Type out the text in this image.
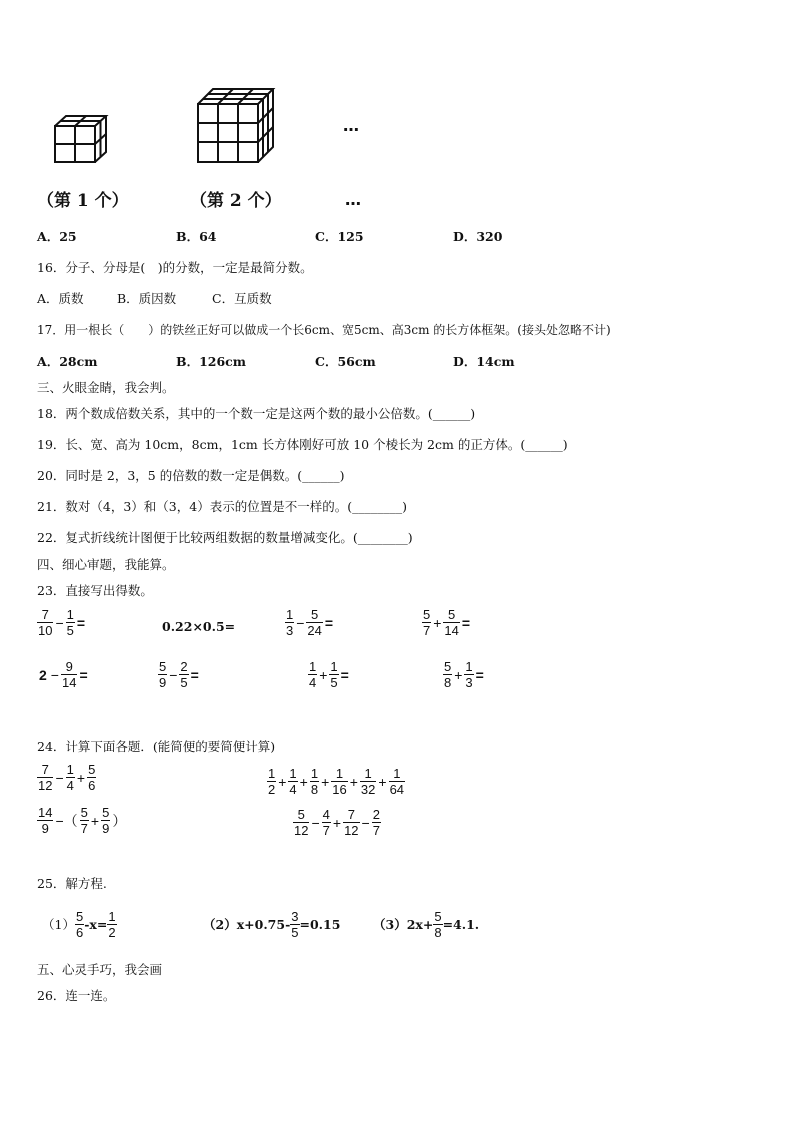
…
（第 1 个）	（第 2 个）	…
A．25	B．64	C．125	D．320
16．分子、分母是(　)的分数，一定是最简分数。
A．质数	B．质因数	C．互质数
17．用一根长（　　）的铁丝正好可以做成一个长6cm、宽5cm、高3cm 的长方体框架。(接头处忽略不计)
A．28cm	B．126cm	C．56cm	D．14cm
三、火眼金睛，我会判。
18．两个数成倍数关系，其中的一个数一定是这两个数的最小公倍数。(______)
19．长、宽、高为 10cm，8cm，1cm 长方体刚好可放 10 个棱长为 2cm 的正方体。(______)
20．同时是 2，3，5 的倍数的数一定是偶数。(______)
21．数对（4，3）和（3，4）表示的位置是不一样的。(________)
22．复式折线统计图便于比较两组数据的数量增减变化。(________)
四、细心审题，我能算。
23．直接写出得数。
$\frac{7}{10} - \frac{1}{5}$ =	0.22×0.5=	$\frac{1}{3} - \frac{5}{24}$ =	$\frac{5}{7} + \frac{5}{14}$ =
$2 - \frac{9}{14}$ =	$\frac{5}{9} - \frac{2}{5}$ =	$\frac{1}{4} + \frac{1}{5}$ =	$\frac{5}{8} + \frac{1}{3}$ =
24．计算下面各题．(能简便的要简便计算)
$\frac{7}{12} - \frac{1}{4} + \frac{5}{6}$	$\frac{1}{2} + \frac{1}{4} + \frac{1}{8} + \frac{1}{16} + \frac{1}{32} + \frac{1}{64}$
$\frac{14}{9}$ −（ $\frac{5}{7} + \frac{5}{9}$ ）	$\frac{5}{12} - \frac{4}{7} + \frac{7}{12} - \frac{2}{7}$
25．解方程.
$(1) \frac{5}{6} -x= \frac{1}{2}$	$(2)x+0.75- \frac{3}{5} =0.15$	$(3)2x+ \frac{5}{8} =4.1$.
五、心灵手巧，我会画
26．连一连。
